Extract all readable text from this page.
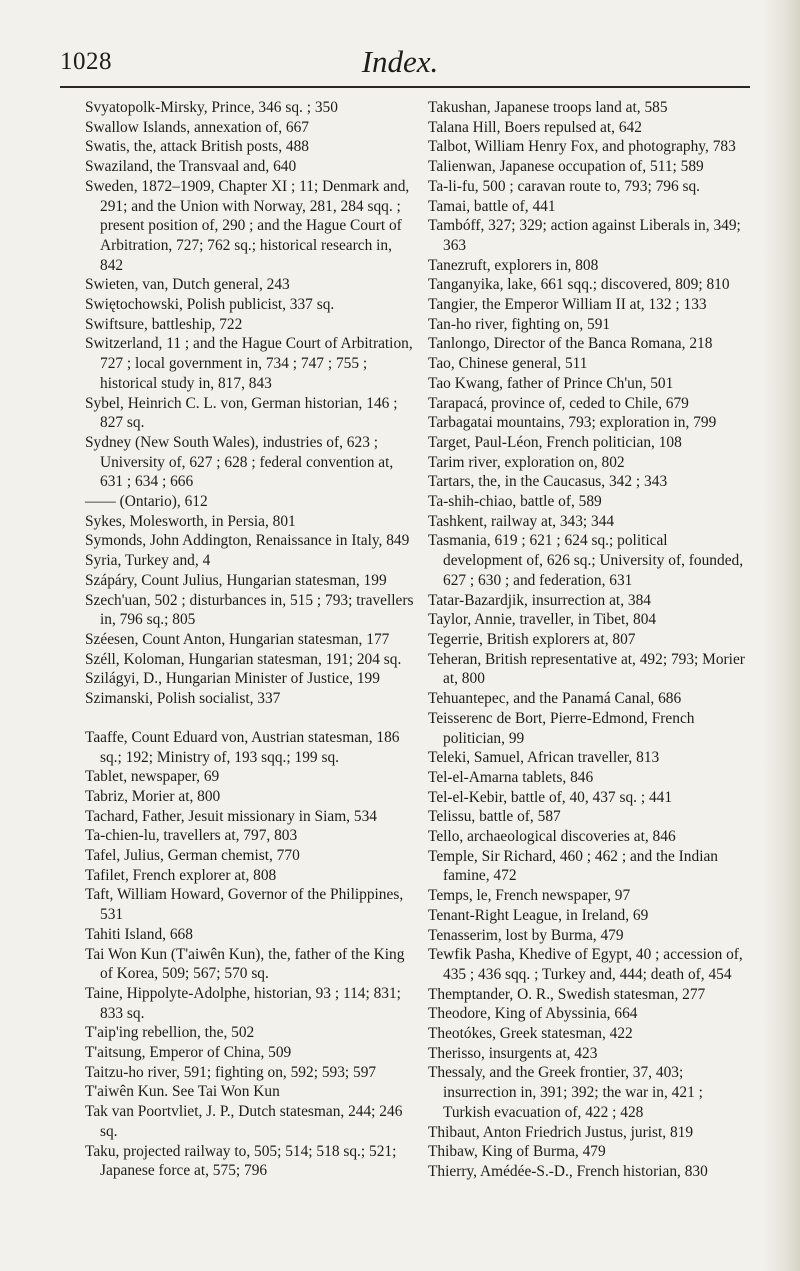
1028	Index.

Svyatopolk-Mirsky, Prince, 346 sq. ; 350

Swallow Islands, annexation of, 667

Swatis, the, attack British posts, 488

Swaziland, the Transvaal and, 640

Sweden, 1872–1909, Chapter XI ; 11; Denmark and, 291; and the Union with Norway, 281, 284 sqq. ; present position of, 290 ; and the Hague Court of Arbitration, 727; 762 sq.; historical research in, 842

Swieten, van, Dutch general, 243

Swiętochowski, Polish publicist, 337 sq.

Swiftsure, battleship, 722

Switzerland, 11 ; and the Hague Court of Arbitration, 727 ; local government in, 734 ; 747 ; 755 ; historical study in, 817, 843

Sybel, Heinrich C. L. von, German historian, 146 ; 827 sq.

Sydney (New South Wales), industries of, 623 ; University of, 627 ; 628 ; federal convention at, 631 ; 634 ; 666

—— (Ontario), 612

Sykes, Molesworth, in Persia, 801

Symonds, John Addington, Renaissance in Italy, 849

Syria, Turkey and, 4

Szápáry, Count Julius, Hungarian statesman, 199

Szech'uan, 502 ; disturbances in, 515 ; 793; travellers in, 796 sq.; 805

Széesen, Count Anton, Hungarian statesman, 177

Széll, Koloman, Hungarian statesman, 191; 204 sq.

Szilágyi, D., Hungarian Minister of Justice, 199

Szimanski, Polish socialist, 337

Taaffe, Count Eduard von, Austrian statesman, 186 sq.; 192; Ministry of, 193 sqq.; 199 sq.

Tablet, newspaper, 69

Tabriz, Morier at, 800

Tachard, Father, Jesuit missionary in Siam, 534

Ta-chien-lu, travellers at, 797, 803

Tafel, Julius, German chemist, 770

Tafilet, French explorer at, 808

Taft, William Howard, Governor of the Philippines, 531

Tahiti Island, 668

Tai Won Kun (T'aiwên Kun), the, father of the King of Korea, 509; 567; 570 sq.

Taine, Hippolyte-Adolphe, historian, 93 ; 114; 831; 833 sq.

T'aip'ing rebellion, the, 502

T'aitsung, Emperor of China, 509

Taitzu-ho river, 591; fighting on, 592; 593; 597

T'aiwên Kun. See Tai Won Kun

Tak van Poortvliet, J. P., Dutch statesman, 244; 246 sq.

Taku, projected railway to, 505; 514; 518 sq.; 521; Japanese force at, 575; 796

Takushan, Japanese troops land at, 585

Talana Hill, Boers repulsed at, 642

Talbot, William Henry Fox, and photography, 783

Talienwan, Japanese occupation of, 511; 589

Ta-li-fu, 500 ; caravan route to, 793; 796 sq.

Tamai, battle of, 441

Tambóff, 327; 329; action against Liberals in, 349; 363

Tanezruft, explorers in, 808

Tanganyika, lake, 661 sqq.; discovered, 809; 810

Tangier, the Emperor William II at, 132 ; 133

Tan-ho river, fighting on, 591

Tanlongo, Director of the Banca Romana, 218

Tao, Chinese general, 511

Tao Kwang, father of Prince Ch'un, 501

Tarapacá, province of, ceded to Chile, 679

Tarbagatai mountains, 793; exploration in, 799

Target, Paul-Léon, French politician, 108

Tarim river, exploration on, 802

Tartars, the, in the Caucasus, 342 ; 343

Ta-shih-chiao, battle of, 589

Tashkent, railway at, 343; 344

Tasmania, 619 ; 621 ; 624 sq.; political development of, 626 sq.; University of, founded, 627 ; 630 ; and federation, 631

Tatar-Bazardjik, insurrection at, 384

Taylor, Annie, traveller, in Tibet, 804

Tegerrie, British explorers at, 807

Teheran, British representative at, 492; 793; Morier at, 800

Tehuantepec, and the Panamá Canal, 686

Teisserenc de Bort, Pierre-Edmond, French politician, 99

Teleki, Samuel, African traveller, 813

Tel-el-Amarna tablets, 846

Tel-el-Kebir, battle of, 40, 437 sq. ; 441

Telissu, battle of, 587

Tello, archaeological discoveries at, 846

Temple, Sir Richard, 460 ; 462 ; and the Indian famine, 472

Temps, le, French newspaper, 97

Tenant-Right League, in Ireland, 69

Tenasserim, lost by Burma, 479

Tewfik Pasha, Khedive of Egypt, 40 ; accession of, 435 ; 436 sqq. ; Turkey and, 444; death of, 454

Themptander, O. R., Swedish statesman, 277

Theodore, King of Abyssinia, 664

Theotókes, Greek statesman, 422

Therisso, insurgents at, 423

Thessaly, and the Greek frontier, 37, 403; insurrection in, 391; 392; the war in, 421 ; Turkish evacuation of, 422 ; 428

Thibaut, Anton Friedrich Justus, jurist, 819

Thibaw, King of Burma, 479

Thierry, Amédée-S.-D., French historian, 830
